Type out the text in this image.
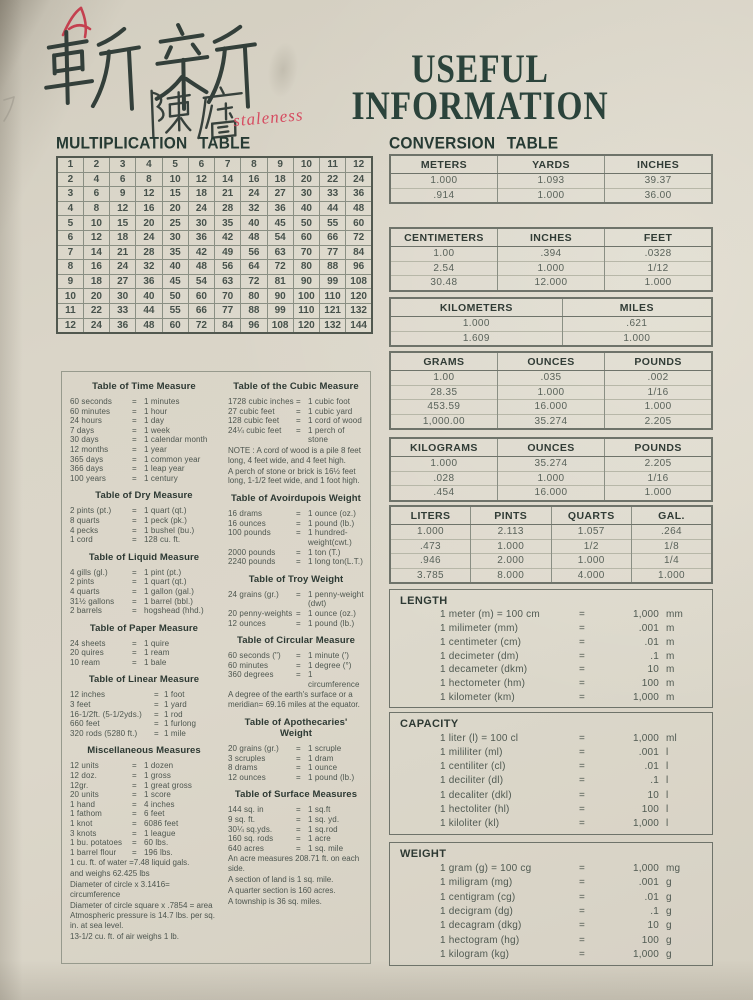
staleness
USEFUL
INFORMATION
MULTIPLICATION TABLE	CONVERSION TABLE
1	2	3	4	5	6	7	8	9	10	11	12
2	4	6	8	10	12	14	16	18	20	22	24
3	6	9	12	15	18	21	24	27	30	33	36
4	8	12	16	20	24	28	32	36	40	44	48
5	10	15	20	25	30	35	40	45	50	55	60
6	12	18	24	30	36	42	48	54	60	66	72
7	14	21	28	35	42	49	56	63	70	77	84
8	16	24	32	40	48	56	64	72	80	88	96
9	18	27	36	45	54	63	72	81	90	99	108
10	20	30	40	50	60	70	80	90	100	110	120
11	22	33	44	55	66	77	88	99	110	121	132
12	24	36	48	60	72	84	96	108	120	132	144
Table of Time Measure
60 seconds	= 1 minutes
60 minutes	= 1 hour
24 hours	= 1 day
7 days	= 1 week
30 days	= 1 calendar month
12 months	= 1 year
365 days	= 1 common year
366 days	= 1 leap year
100 years	= 1 century
Table of Dry Measure
2 pints (pt.)	= 1 quart (qt.)
8 quarts	= 1 peck (pk.)
4 pecks	= 1 bushel (bu.)
1 cord	= 128 cu. ft.
Table of Liquid Measure
4 gills (gl.)	= 1 pint (pt.)
2 pints	= 1 quart (qt.)
4 quarts	= 1 gallon (gal.)
31½ gallons	= 1 barrel (bbl.)
2 barrels	= hogshead (hhd.)
Table of Paper Measure
24 sheets	= 1 quire
20 quires	= 1 ream
10 ream	= 1 bale
Table of Linear Measure
12 inches	= 1 foot
3 feet	= 1 yard
16-1/2ft. (5-1/2yds.)	= 1 rod
660 feet	= 1 furlong
320 rods (5280 ft.)	= 1 mile
Miscellaneous Measures
12 units	= 1 dozen
12 doz.	= 1 gross
12gr.	= 1 great gross
20 units	= 1 score
1 hand	= 4 inches
1 fathom	= 6 feet
1 knot	= 6086 feet
3 knots	= 1 league
1 bu. potatoes	= 60 lbs.
1 barrel flour	= 196 lbs.
1 cu. ft. of water =7.48 liquid gals.
and weighs 62.425 lbs
Diameter of circle x 3.1416= circumference
Diameter of circle square x .7854 = area
Atmospheric pressure is 14.7 lbs. per sq. in. at sea level.
13-1/2 cu. ft. of air weighs 1 lb.
Table of the Cubic Measure
1728 cubic inches = 1 cubic foot
27 cubic feet	= 1 cubic yard
128 cubic feet	= 1 cord of wood
24¼ cubic feet	= 1 perch of stone
NOTE : A cord of wood is a pile 8 feet long, 4 feet wide, and 4 feet high.
A perch of stone or brick is 16½ feet long, 1-1/2 feet wide, and 1 foot high.
Table of Avoirdupois Weight
16 drams	= 1 ounce (oz.)
16 ounces	= 1 pound (lb.)
100 pounds	= 1 hundred-weight(cwt.)
2000 pounds	= 1 ton (T.)
2240 pounds	= 1 long ton(L.T.)
Table of Troy Weight
24 grains (gr.)	= 1 penny-weight (dwt)
20 penny-weights = 1 ounce (oz.)
12 ounces	= 1 pound (lb.)
Table of Circular Measure
60 seconds (")	= 1 minute (')
60 minutes	= 1 degree (°)
360 degrees	= 1 circumference
A degree of the earth's surface or a meridian= 69.16 miles at the equator.
Table of Apothecaries' Weight
20 grains (gr.)	= 1 scruple
3 scruples	= 1 dram
8 drams	= 1 ounce
12 ounces	= 1 pound (lb.)
Table of Surface Measures
144 sq. in	= 1 sq.ft
9 sq. ft.	= 1 sq. yd.
30¼ sq.yds.	= 1 sq.rod
160 sq. rods	= 1 acre
640 acres	= 1 sq. mile
An acre measures 208.71 ft. on each side.
A section of land is 1 sq. mile.
A quarter section is 160 acres.
A township is 36 sq. miles.
METERS	YARDS	INCHES
1.000	1.093	39.37
.914	1.000	36.00
CENTIMETERS	INCHES	FEET
1.00	.394	.0328
2.54	1.000	1/12
30.48	12.000	1.000
KILOMETERS	MILES
1.000	.621
1.609	1.000
GRAMS	OUNCES	POUNDS
1.00	.035	.002
28.35	1.000	1/16
453.59	16.000	1.000
1,000.00	35.274	2.205
KILOGRAMS	OUNCES	POUNDS
1.000	35.274	2.205
.028	1.000	1/16
.454	16.000	1.000
LITERS	PINTS	QUARTS	GAL.
1.000	2.113	1.057	.264
.473	1.000	1/2	1/8
.946	2.000	1.000	1/4
3.785	8.000	4.000	1.000
LENGTH
1 meter (m) = 100 cm	=	1,000 mm
1 milimeter (mm)	=	.001 m
1 centimeter (cm)	=	.01 m
1 decimeter (dm)	=	.1 m
1 decameter (dkm)	=	10 m
1 hectometer (hm)	=	100 m
1 kilometer (km)	=	1,000 m
CAPACITY
1 liter (l) = 100 cl	=	1,000 ml
1 mililiter (ml)	=	.001 l
1 centiliter (cl)	=	.01 l
1 deciliter (dl)	=	.1 l
1 decaliter (dkl)	=	10 l
1 hectoliter (hl)	=	100 l
1 kiloliter (kl)	=	1,000 l
WEIGHT
1 gram (g) = 100 cg	=	1,000 mg
1 miligram (mg)	=	.001 g
1 centigram (cg)	=	.01 g
1 decigram (dg)	=	.1 g
1 decagram (dkg)	=	10 g
1 hectogram (hg)	=	100 g
1 kilogram (kg)	=	1,000 g
